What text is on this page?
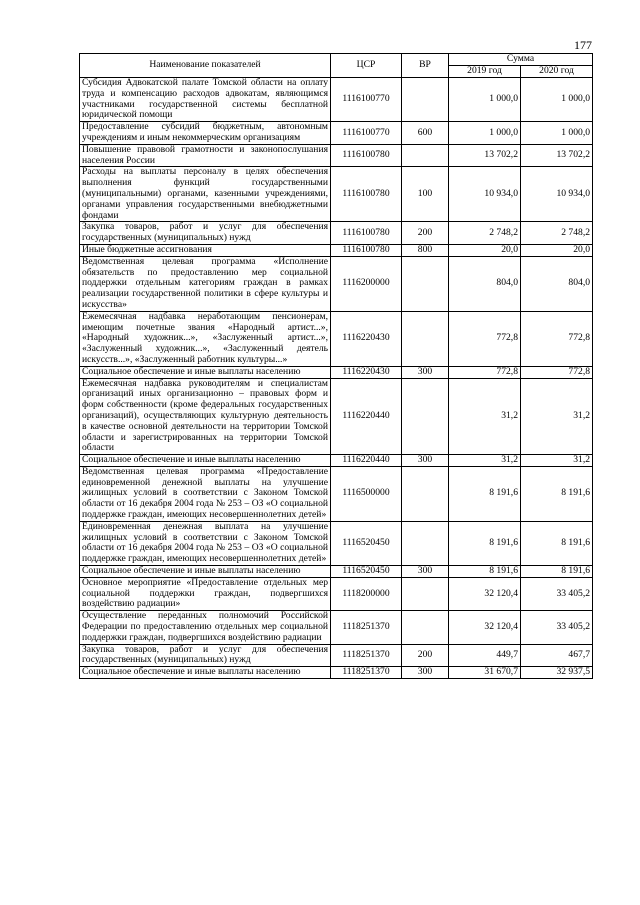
177
Наименование показателей	ЦСР	ВР	Сумма	
			2019 год	2020 год
Субсидия Адвокатской палате Томской области на оплату труда и компенсацию расходов адвокатам, являющимся участниками государственной системы бесплатной юридической помощи	1116100770		1 000,0	1 000,0
Предоставление субсидий бюджетным, автономным учреждениям и иным некоммерческим организациям	1116100770	600	1 000,0	1 000,0
Повышение правовой грамотности и законопослушания населения России	1116100780		13 702,2	13 702,2
Расходы на выплаты персоналу в целях обеспечения выполнения функций государственными (муниципальными) органами, казенными учреждениями, органами управления государственными внебюджетными фондами	1116100780	100	10 934,0	10 934,0
Закупка товаров, работ и услуг для обеспечения государственных (муниципальных) нужд	1116100780	200	2 748,2	2 748,2
Иные бюджетные ассигнования	1116100780	800	20,0	20,0
Ведомственная целевая программа «Исполнение обязательств по предоставлению мер социальной поддержки отдельным категориям граждан в рамках реализации государственной политики в сфере культуры и искусства»	1116200000		804,0	804,0
Ежемесячная надбавка неработающим пенсионерам, имеющим почетные звания «Народный артист...», «Народный художник...», «Заслуженный артист...», «Заслуженный художник...», «Заслуженный деятель искусств...», «Заслуженный работник культуры...»	1116220430		772,8	772,8
Социальное обеспечение и иные выплаты населению	1116220430	300	772,8	772,8
Ежемесячная надбавка руководителям и специалистам организаций иных организационно – правовых форм и форм собственности (кроме федеральных государственных организаций), осуществляющих культурную деятельность в качестве основной деятельности на территории Томской области и зарегистрированных на территории Томской области	1116220440		31,2	31,2
Социальное обеспечение и иные выплаты населению	1116220440	300	31,2	31,2
Ведомственная целевая программа «Предоставление единовременной денежной выплаты на улучшение жилищных условий в соответствии с Законом Томской области от 16 декабря 2004 года № 253 – ОЗ «О социальной поддержке граждан, имеющих несовершеннолетних детей»	1116500000		8 191,6	8 191,6
Единовременная денежная выплата на улучшение жилищных условий в соответствии с Законом Томской области от 16 декабря 2004 года № 253 – ОЗ «О социальной поддержке граждан, имеющих несовершеннолетних детей»	1116520450		8 191,6	8 191,6
Социальное обеспечение и иные выплаты населению	1116520450	300	8 191,6	8 191,6
Основное мероприятие «Предоставление отдельных мер социальной поддержки граждан, подвергшихся воздействию радиации»	1118200000		32 120,4	33 405,2
Осуществление переданных полномочий Российской Федерации по предоставлению отдельных мер социальной поддержки граждан, подвергшихся воздействию радиации	1118251370		32 120,4	33 405,2
Закупка товаров, работ и услуг для обеспечения государственных (муниципальных) нужд	1118251370	200	449,7	467,7
Социальное обеспечение и иные выплаты населению	1118251370	300	31 670,7	32 937,5
